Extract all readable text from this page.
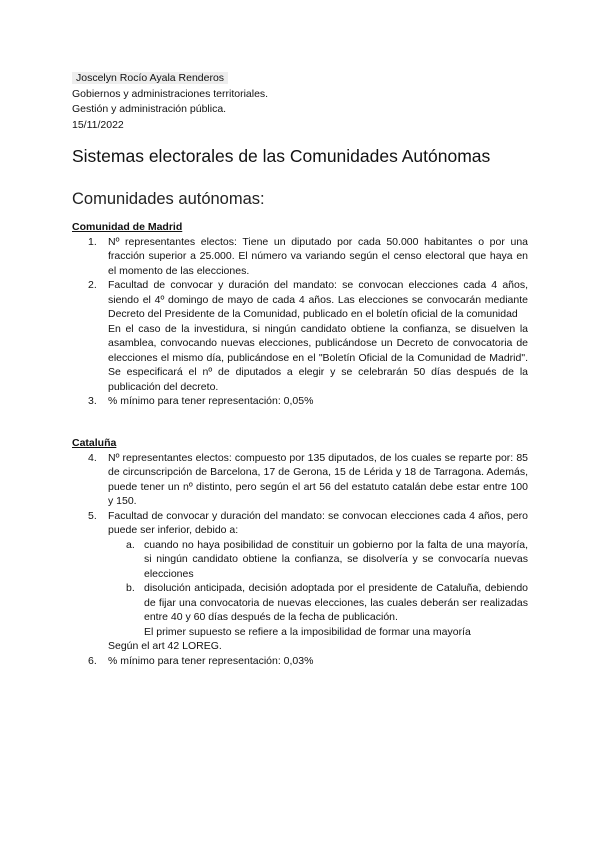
Joscelyn Rocío Ayala Renderos
Gobiernos y administraciones territoriales.
Gestión y administración pública.
15/11/2022
Sistemas electorales de las Comunidades Autónomas
Comunidades autónomas:
Comunidad de Madrid
1. Nº representantes electos: Tiene un diputado por cada 50.000 habitantes o por una fracción superior a 25.000. El número va variando según el censo electoral que haya en el momento de las elecciones.
2. Facultad de convocar y duración del mandato: se convocan elecciones cada 4 años, siendo el 4º domingo de mayo de cada 4 años. Las elecciones se convocarán mediante Decreto del Presidente de la Comunidad, publicado en el boletín oficial de la comunidad
En el caso de la investidura, si ningún candidato obtiene la confianza, se disuelven la asamblea, convocando nuevas elecciones, publicándose un Decreto de convocatoria de elecciones el mismo día, publicándose en el "Boletín Oficial de la Comunidad de Madrid". Se especificará el nº de diputados a elegir y se celebrarán 50 días después de la publicación del decreto.
3. % mínimo para tener representación: 0,05%
Cataluña
4. Nº representantes electos: compuesto por 135 diputados, de los cuales se reparte por: 85 de circunscripción de Barcelona, 17 de Gerona, 15 de Lérida y 18 de Tarragona. Además, puede tener un nº distinto, pero según el art 56 del estatuto catalán debe estar entre 100 y 150.
5. Facultad de convocar y duración del mandato: se convocan elecciones cada 4 años, pero puede ser inferior, debido a:
a. cuando no haya posibilidad de constituir un gobierno por la falta de una mayoría, si ningún candidato obtiene la confianza, se disolvería y se convocaría nuevas elecciones
b. disolución anticipada, decisión adoptada por el presidente de Cataluña, debiendo de fijar una convocatoria de nuevas elecciones, las cuales deberán ser realizadas entre 40 y 60 días después de la fecha de publicación.
El primer supuesto se refiere a la imposibilidad de formar una mayoría
Según el art 42 LOREG.
6. % mínimo para tener representación: 0,03%
